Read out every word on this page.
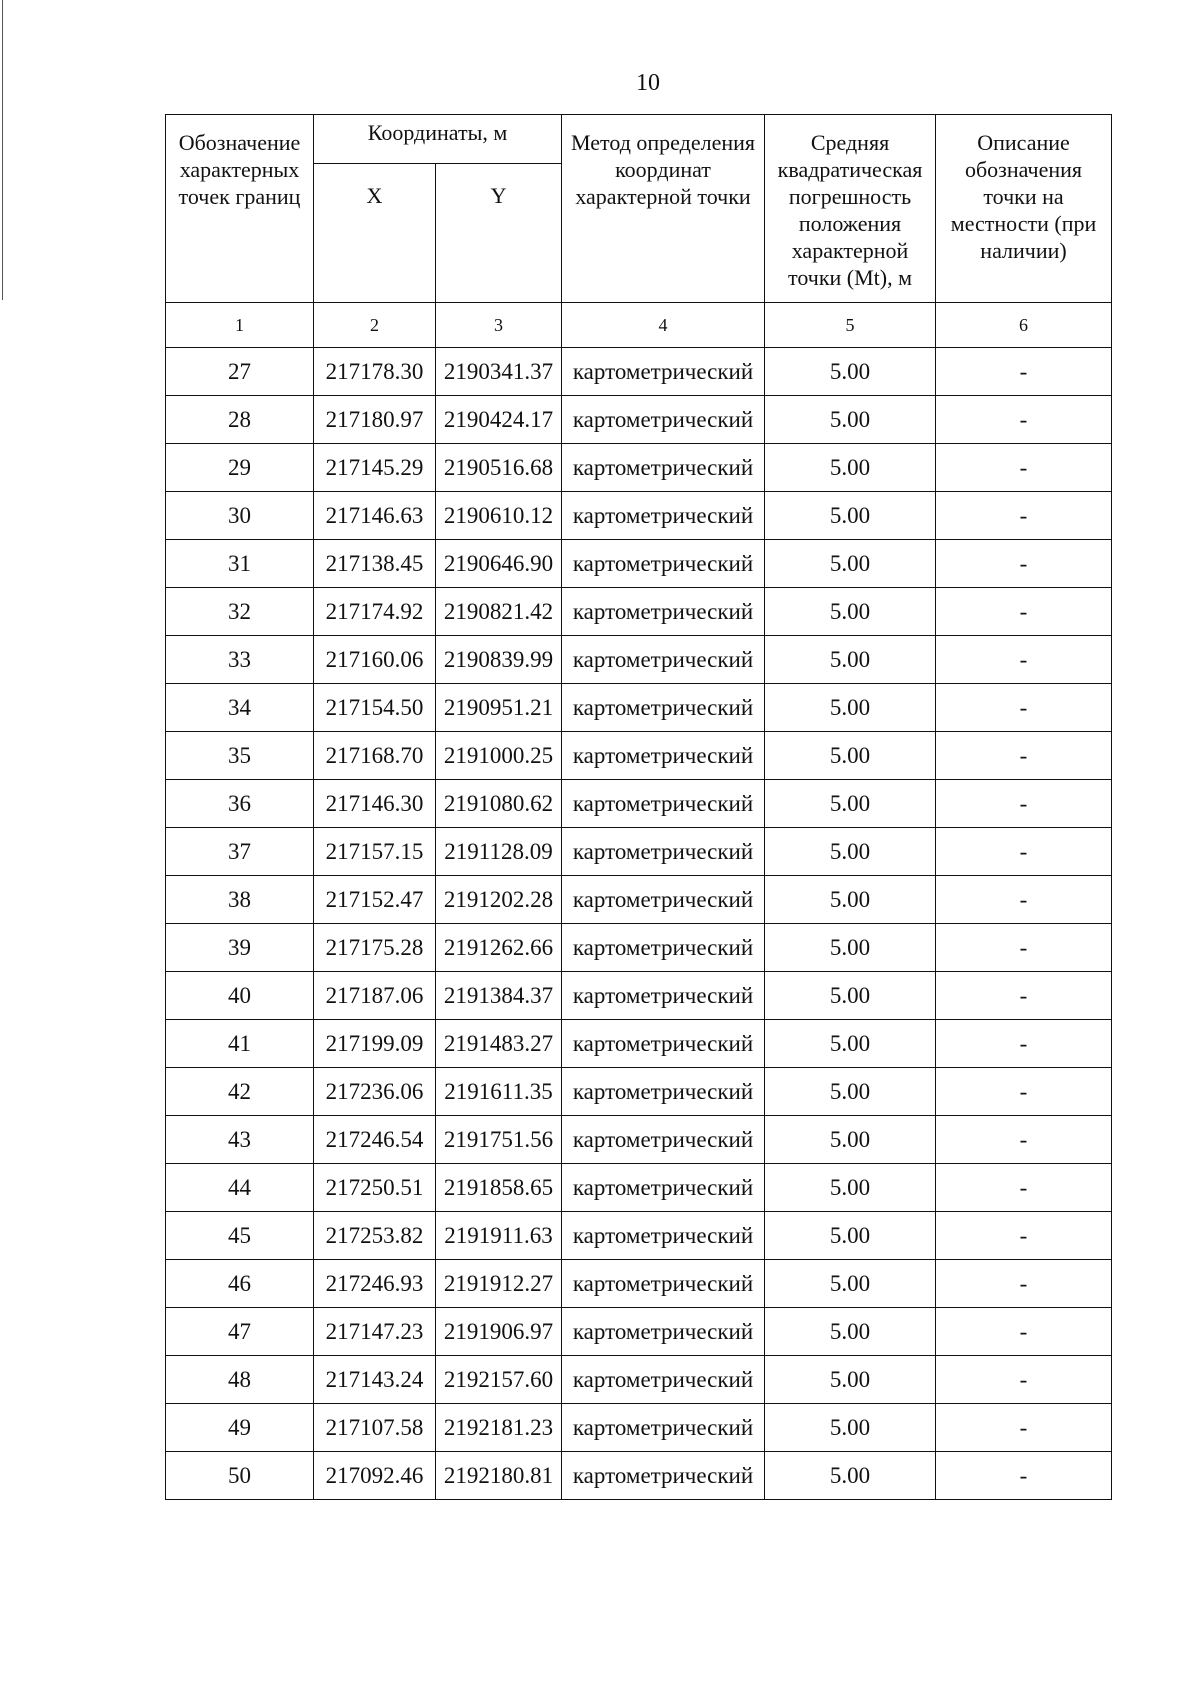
10
Обозначение характерных точек границ	Координаты, м		Метод определения координат характерной точки	Средняя квадратическая погрешность положения характерной точки (Mt), м	Описание обозначения точки на местности (при наличии)
	X	Y			
1	2	3	4	5	6
27	217178.30	2190341.37	картометрический	5.00	-
28	217180.97	2190424.17	картометрический	5.00	-
29	217145.29	2190516.68	картометрический	5.00	-
30	217146.63	2190610.12	картометрический	5.00	-
31	217138.45	2190646.90	картометрический	5.00	-
32	217174.92	2190821.42	картометрический	5.00	-
33	217160.06	2190839.99	картометрический	5.00	-
34	217154.50	2190951.21	картометрический	5.00	-
35	217168.70	2191000.25	картометрический	5.00	-
36	217146.30	2191080.62	картометрический	5.00	-
37	217157.15	2191128.09	картометрический	5.00	-
38	217152.47	2191202.28	картометрический	5.00	-
39	217175.28	2191262.66	картометрический	5.00	-
40	217187.06	2191384.37	картометрический	5.00	-
41	217199.09	2191483.27	картометрический	5.00	-
42	217236.06	2191611.35	картометрический	5.00	-
43	217246.54	2191751.56	картометрический	5.00	-
44	217250.51	2191858.65	картометрический	5.00	-
45	217253.82	2191911.63	картометрический	5.00	-
46	217246.93	2191912.27	картометрический	5.00	-
47	217147.23	2191906.97	картометрический	5.00	-
48	217143.24	2192157.60	картометрический	5.00	-
49	217107.58	2192181.23	картометрический	5.00	-
50	217092.46	2192180.81	картометрический	5.00	-
